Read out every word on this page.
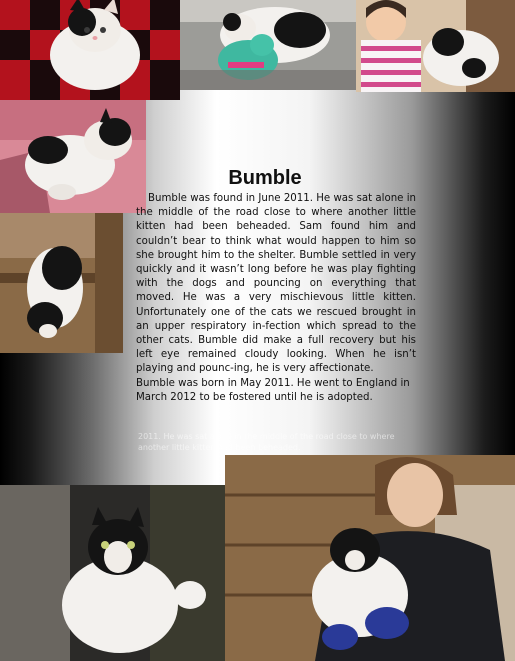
Bumble

Bumble was found in June 2011. He was sat alone in the middle of the road close to where another little kitten had been beheaded. Sam found him and couldn’t bear to think what would happen to him so she brought him to the shelter. Bumble settled in very quickly and it wasn’t long before he was play fighting with the dogs and pouncing on everything that moved. He was a very mischievous little kitten. Unfortunately one of the cats we rescued brought in an upper respiratory in-fection which spread to the other cats. Bumble did make a full recovery but his left eye remained cloudy looking. When he isn’t playing and pounc-ing, he is very affectionate.

Bumble was born in May 2011. He went to England in March 2012 to be fostered until he is adopted.

2011. He was sat alone in the middle of the road close to where another little kitten had been beheaded.
